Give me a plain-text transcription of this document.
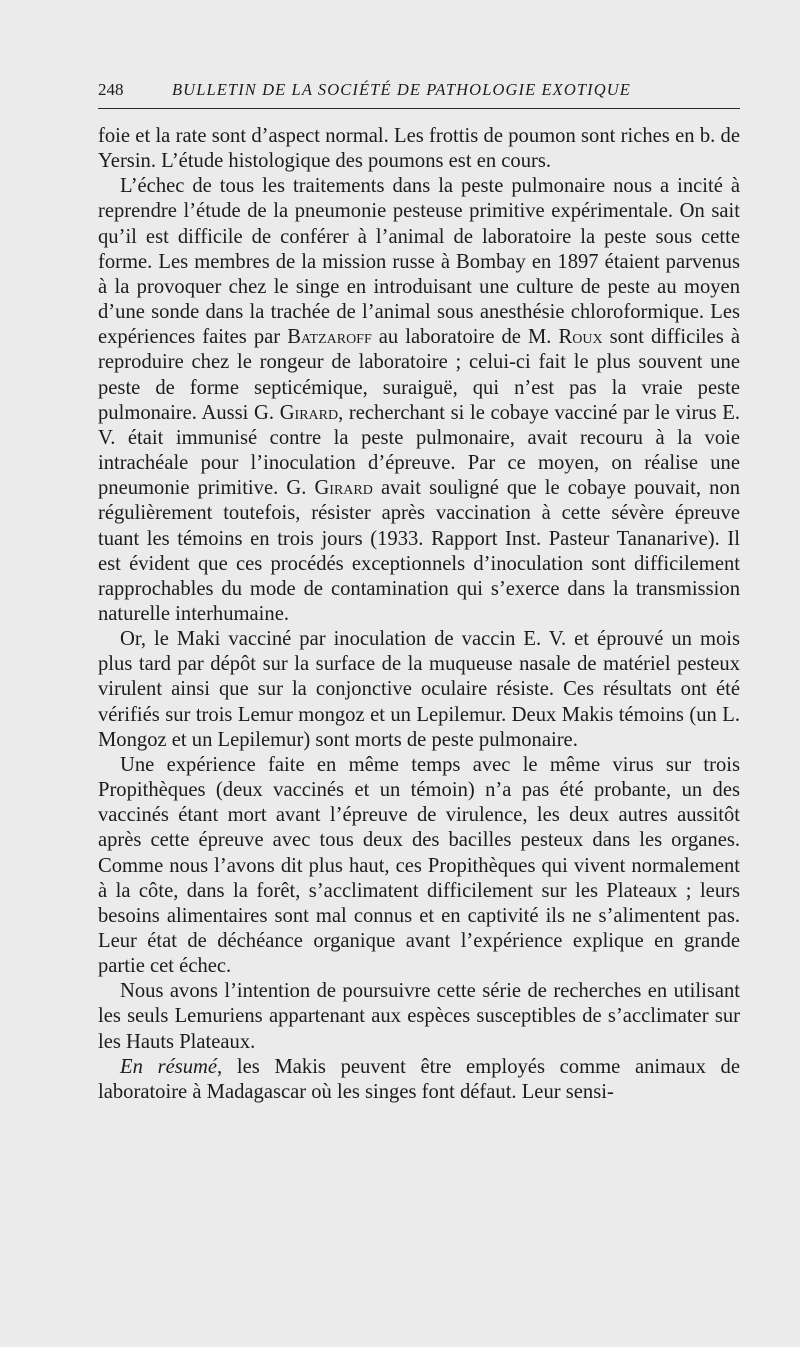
248	BULLETIN DE LA SOCIÉTÉ DE PATHOLOGIE EXOTIQUE

foie et la rate sont d’aspect normal. Les frottis de poumon sont riches en b. de Yersin. L’étude histologique des poumons est en cours.

L’échec de tous les traitements dans la peste pulmonaire nous a incité à reprendre l’étude de la pneumonie pesteuse primitive expérimentale. On sait qu’il est difficile de conférer à l’animal de laboratoire la peste sous cette forme. Les membres de la mission russe à Bombay en 1897 étaient parvenus à la provoquer chez le singe en introduisant une culture de peste au moyen d’une sonde dans la trachée de l’animal sous anesthésie chloroformique. Les expériences faites par Batzaroff au laboratoire de M. Roux sont difficiles à reproduire chez le rongeur de laboratoire ; celui-ci fait le plus souvent une peste de forme septicémique, suraiguë, qui n’est pas la vraie peste pulmonaire. Aussi G. Girard, recherchant si le cobaye vacciné par le virus E. V. était immunisé contre la peste pulmonaire, avait recouru à la voie intrachéale pour l’inoculation d’épreuve. Par ce moyen, on réalise une pneumonie primitive. G. Girard avait souligné que le cobaye pouvait, non régulièrement toutefois, résister après vaccination à cette sévère épreuve tuant les témoins en trois jours (1933. Rapport Inst. Pasteur Tananarive). Il est évident que ces procédés exceptionnels d’inoculation sont difficilement rapprochables du mode de contamination qui s’exerce dans la transmission naturelle interhumaine.

Or, le Maki vacciné par inoculation de vaccin E. V. et éprouvé un mois plus tard par dépôt sur la surface de la muqueuse nasale de matériel pesteux virulent ainsi que sur la conjonctive oculaire résiste. Ces résultats ont été vérifiés sur trois Lemur mongoz et un Lepilemur. Deux Makis témoins (un L. Mongoz et un Lepilemur) sont morts de peste pulmonaire.

Une expérience faite en même temps avec le même virus sur trois Propithèques (deux vaccinés et un témoin) n’a pas été probante, un des vaccinés étant mort avant l’épreuve de virulence, les deux autres aussitôt après cette épreuve avec tous deux des bacilles pesteux dans les organes. Comme nous l’avons dit plus haut, ces Propithèques qui vivent normalement à la côte, dans la forêt, s’acclimatent difficilement sur les Plateaux ; leurs besoins alimentaires sont mal connus et en captivité ils ne s’alimentent pas. Leur état de déchéance organique avant l’expérience explique en grande partie cet échec.

Nous avons l’intention de poursuivre cette série de recherches en utilisant les seuls Lemuriens appartenant aux espèces susceptibles de s’acclimater sur les Hauts Plateaux.

En résumé, les Makis peuvent être employés comme animaux de laboratoire à Madagascar où les singes font défaut. Leur sensi-
